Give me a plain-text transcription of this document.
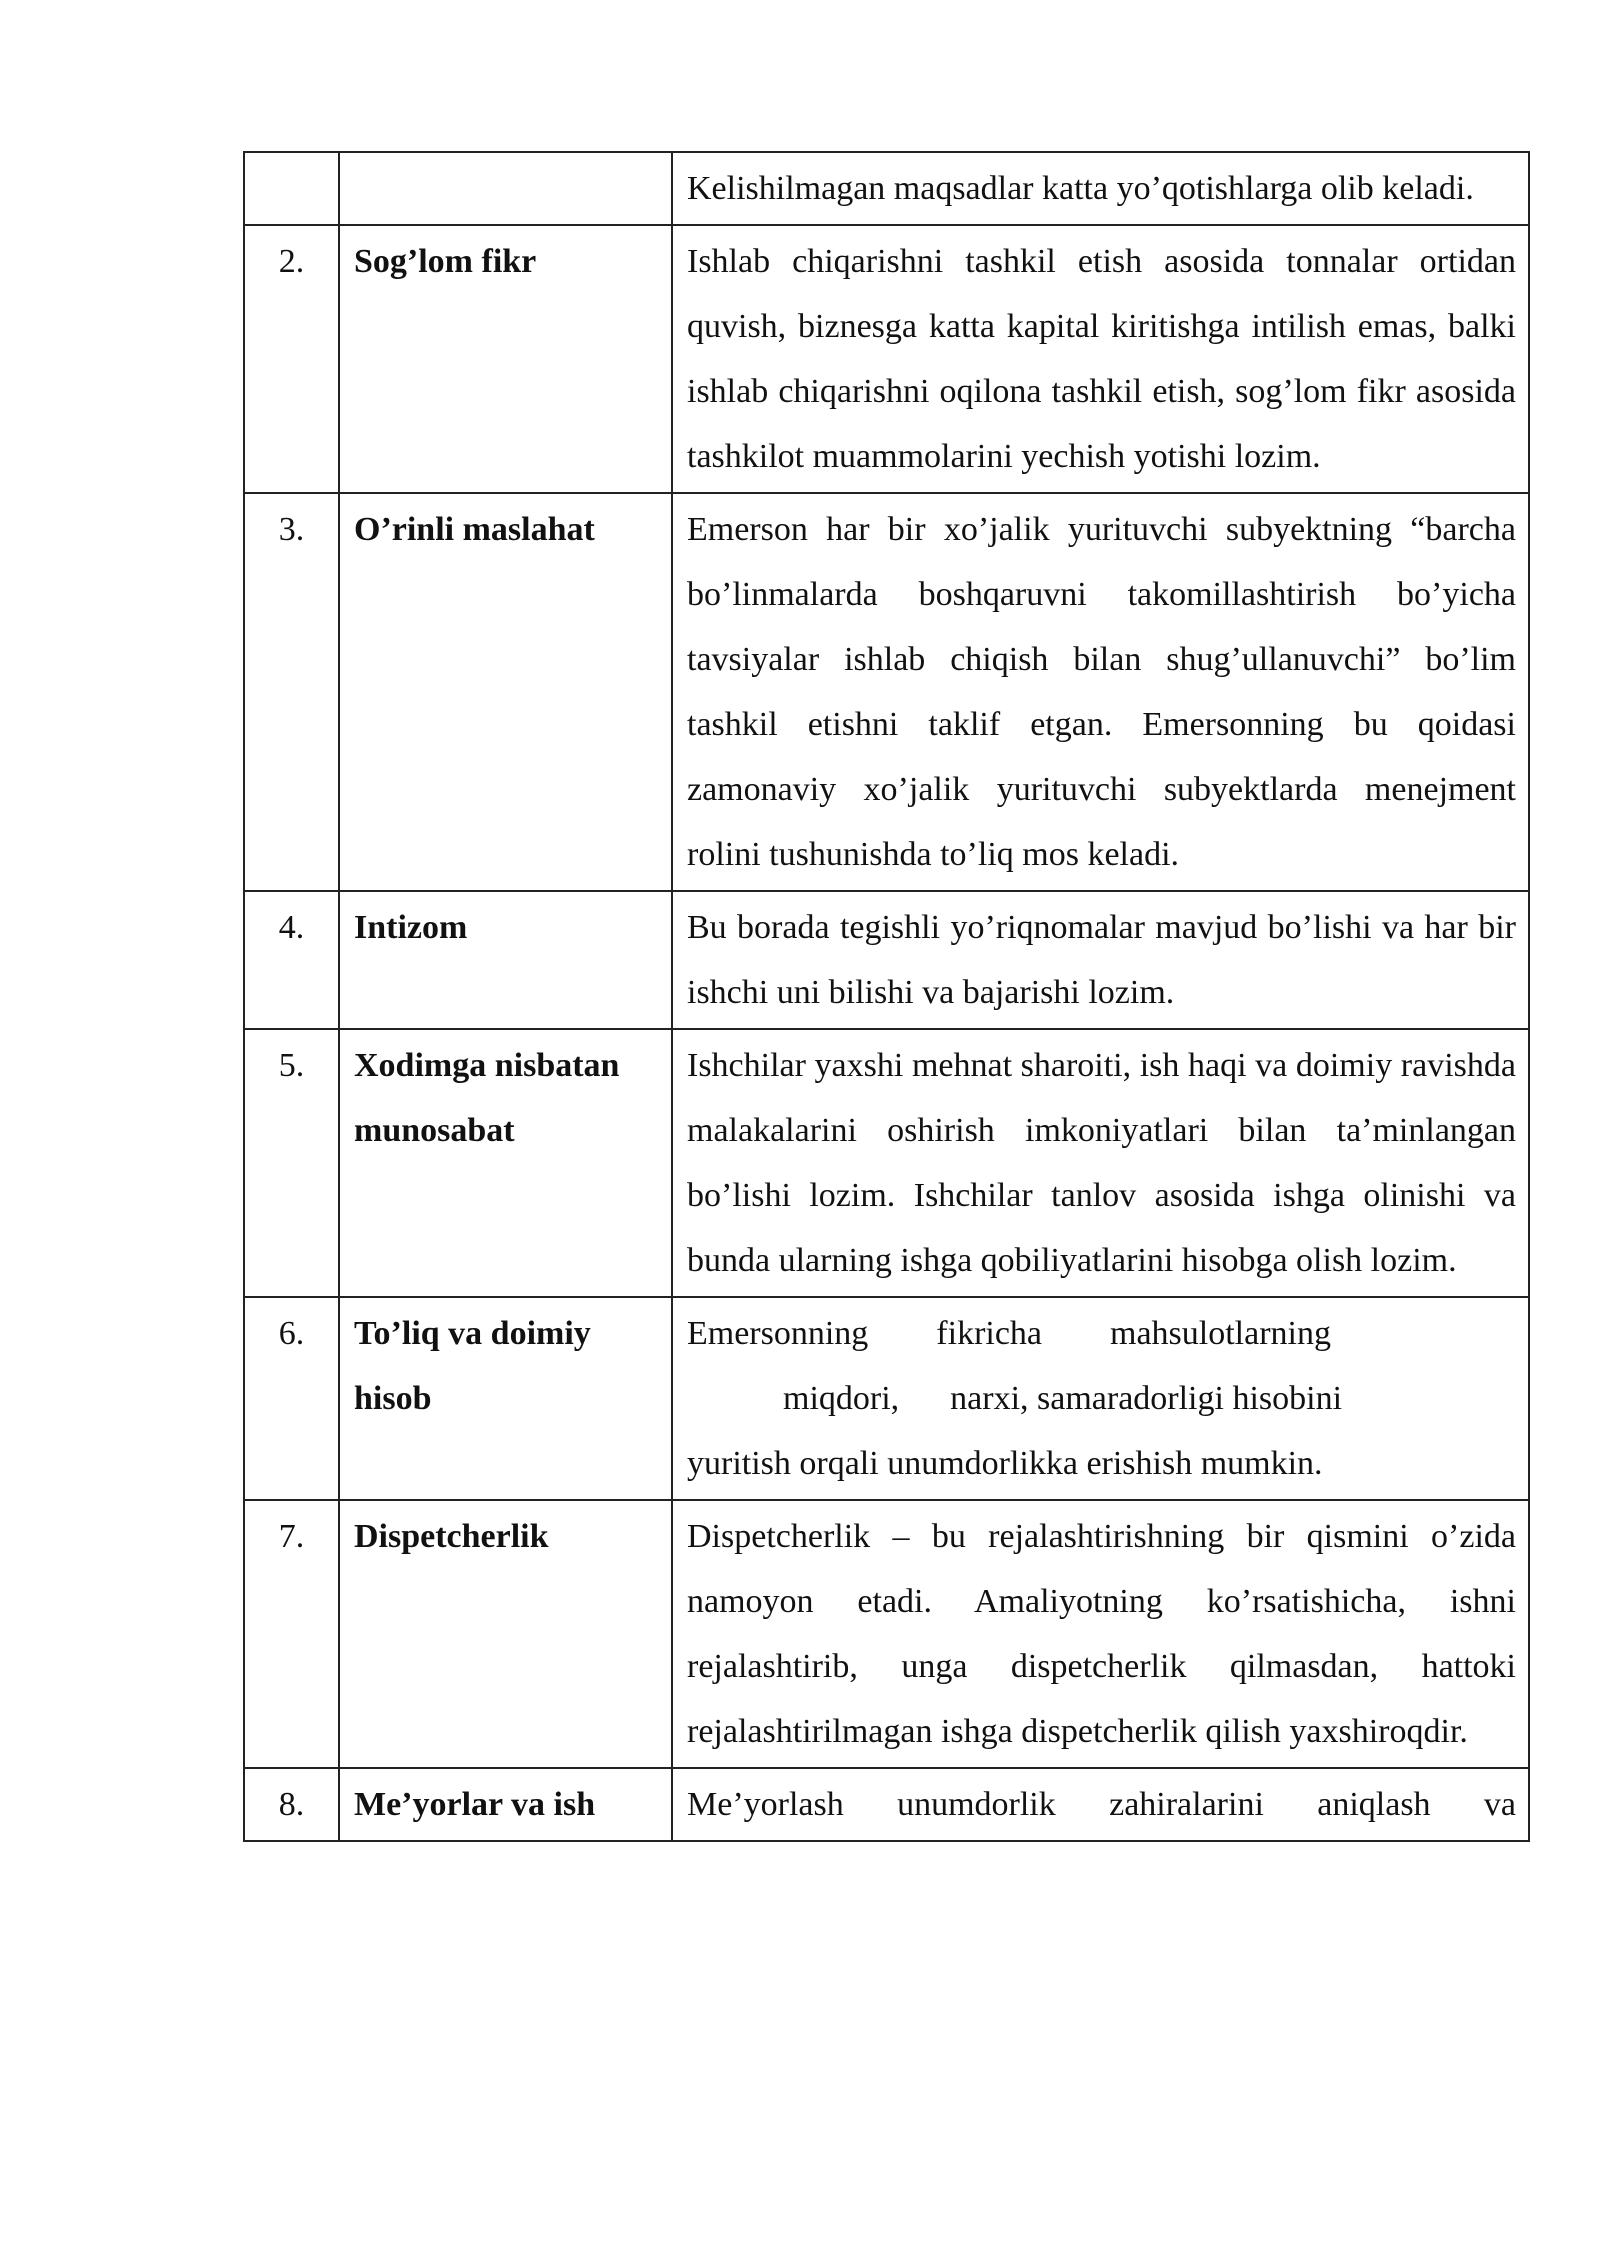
		Kelishilmagan maqsadlar katta yo’qotishlarga olib keladi.
2.	Sog’lom fikr	Ishlab chiqarishni tashkil etish asosida tonnalar ortidan quvish, biznesga katta kapital kiritishga intilish emas, balki ishlab chiqarishni oqilona tashkil etish, sog’lom fikr asosida tashkilot muammolarini yechish yotishi lozim.
3.	O’rinli maslahat	Emerson har bir xo’jalik yurituvchi subyektning “barcha bo’linmalarda boshqaruvni takomillashtirish bo’yicha tavsiyalar ishlab chiqish bilan shug’ullanuvchi” bo’lim tashkil etishni taklif etgan. Emersonning bu qoidasi zamonaviy xo’jalik yurituvchi subyektlarda menejment rolini tushunishda to’liq mos keladi.
4.	Intizom	Bu borada tegishli yo’riqnomalar mavjud bo’lishi va har bir ishchi uni bilishi va bajarishi lozim.
5.	Xodimga nisbatan munosabat	Ishchilar yaxshi mehnat sharoiti, ish haqi va doimiy ravishda malakalarini oshirish imkoniyatlari bilan ta’minlangan bo’lishi lozim. Ishchilar tanlov asosida ishga olinishi va bunda ularning ishga qobiliyatlarini hisobga olish lozim.
6.	To’liq va doimiy hisob	Emersonning        fikricha        mahsulotlarning
miqdori,      narxi, samaradorligi hisobini
yuritish orqali unumdorlikka erishish mumkin.
7.	Dispetcherlik	Dispetcherlik – bu rejalashtirishning bir qismini o’zida namoyon etadi. Amaliyotning ko’rsatishicha, ishni rejalashtirib, unga dispetcherlik qilmasdan, hattoki rejalashtirilmagan ishga dispetcherlik qilish yaxshiroqdir.
8.	Me’yorlar va ish	Me’yorlash unumdorlik zahiralarini aniqlash va
